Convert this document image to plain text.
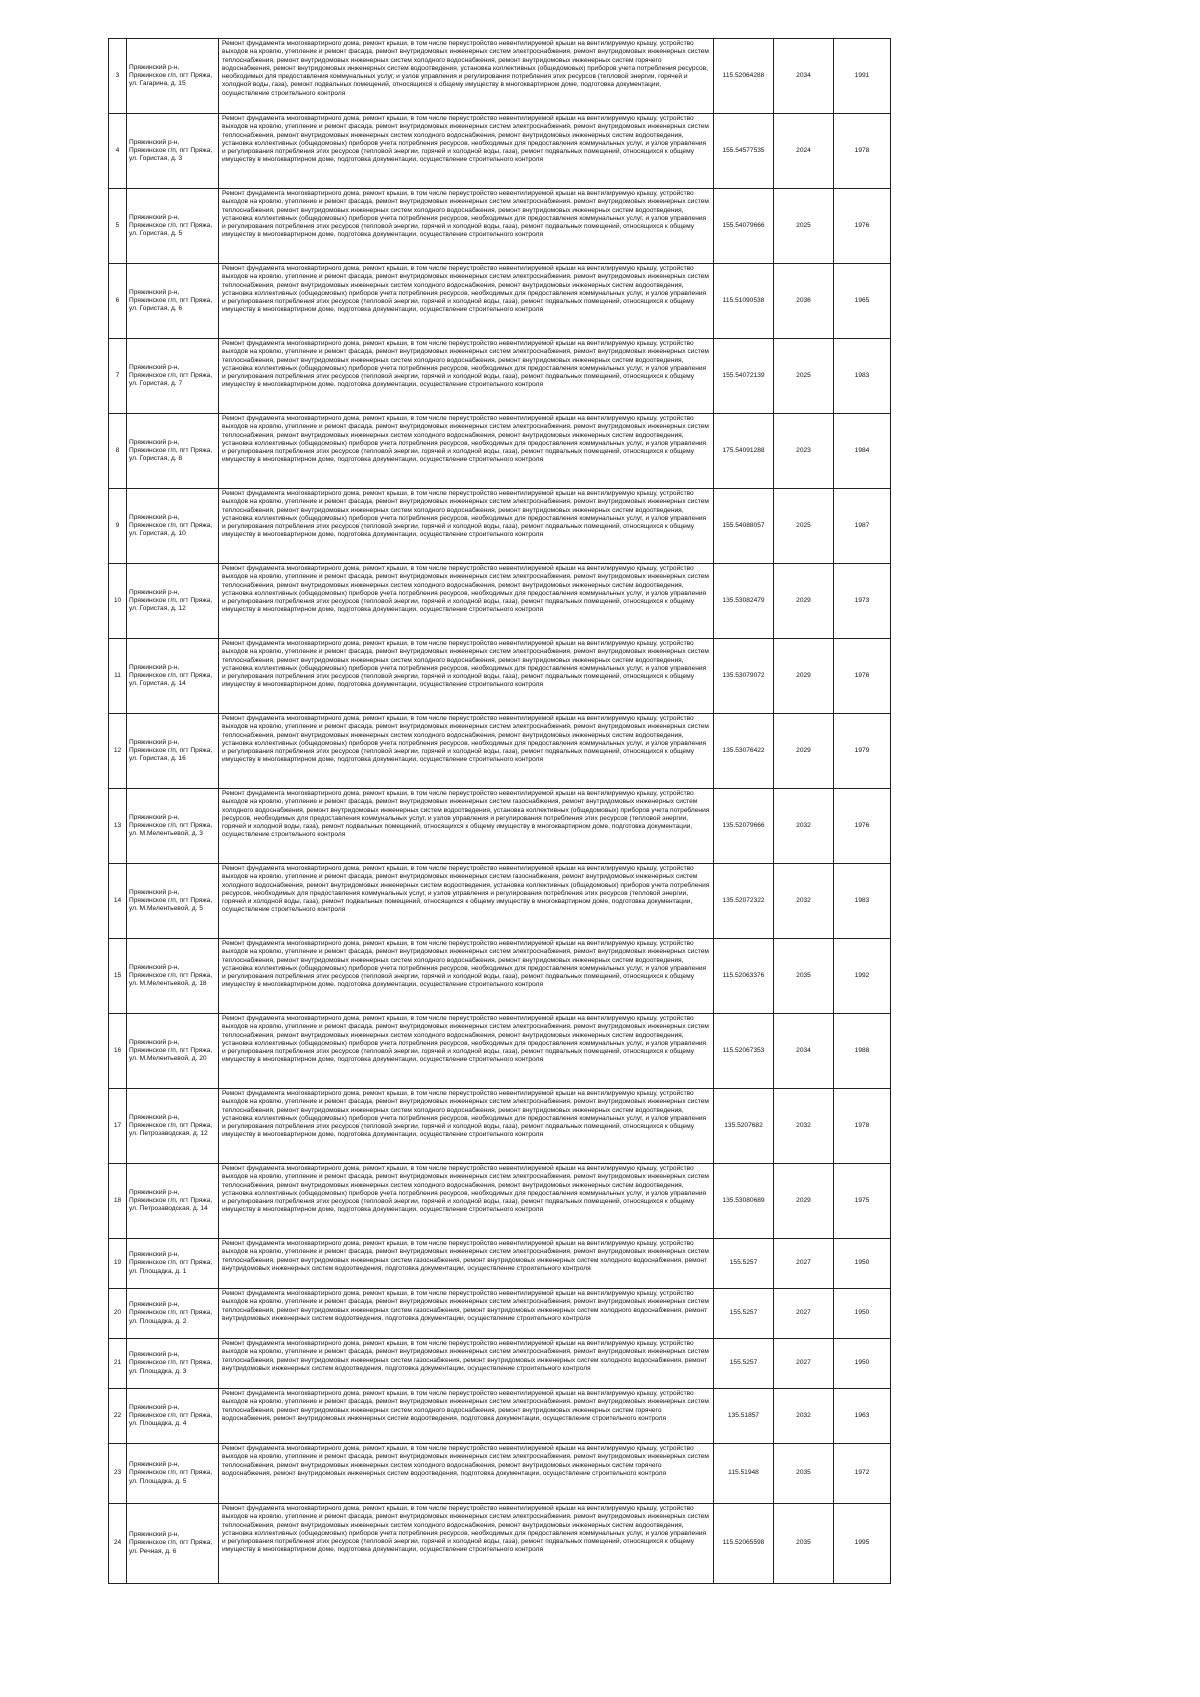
3	Пряжинский р-н, Пряжинское г/п, пгт Пряжа, ул. Гагарина, д. 15	Ремонт фундамента многоквартирного дома, ремонт крыши, в том числе переустройство невентилируемой крыши на вентилируемую крышу, устройство выходов на кровлю, утепление и ремонт фасада, ремонт внутридомовых инженерных систем электроснабжения, ремонт внутридомовых инженерных систем теплоснабжения, ремонт внутридомовых инженерных систем холодного водоснабжения, ремонт внутридомовых инженерных систем горячего водоснабжения, ремонт внутридомовых инженерных систем водоотведения, установка коллективных (общедомовых) приборов учета потребления ресурсов, необходимых для предоставления коммунальных услуг, и узлов управления и регулирования потребления этих ресурсов (тепловой энергии, горячей и холодной воды, газа), ремонт подвальных помещений, относящихся к общему имуществу в многоквартирном доме, подготовка документации, осуществление строительного контроля	115.52064288	2034	1991
4	Пряжинский р-н, Пряжинское г/п, пгт Пряжа, ул. Гористая, д. 3	Ремонт фундамента многоквартирного дома, ремонт крыши, в том числе переустройство невентилируемой крыши на вентилируемую крышу, устройство выходов на кровлю, утепление и ремонт фасада, ремонт внутридомовых инженерных систем электроснабжения, ремонт внутридомовых инженерных систем теплоснабжения, ремонт внутридомовых инженерных систем холодного водоснабжения, ремонт внутридомовых инженерных систем водоотведения, установка коллективных (общедомовых) приборов учета потребления ресурсов, необходимых для предоставления коммунальных услуг, и узлов управления и регулирования потребления этих ресурсов (тепловой энергии, горячей и холодной воды, газа), ремонт подвальных помещений, относящихся к общему имуществу в многоквартирном доме, подготовка документации, осуществление строительного контроля	155.54577535	2024	1978
5	Пряжинский р-н, Пряжинское г/п, пгт Пряжа, ул. Гористая, д. 5	Ремонт фундамента многоквартирного дома, ремонт крыши, в том числе переустройство невентилируемой крыши на вентилируемую крышу, устройство выходов на кровлю, утепление и ремонт фасада, ремонт внутридомовых инженерных систем электроснабжения, ремонт внутридомовых инженерных систем теплоснабжения, ремонт внутридомовых инженерных систем холодного водоснабжения, ремонт внутридомовых инженерных систем водоотведения, установка коллективных (общедомовых) приборов учета потребления ресурсов, необходимых для предоставления коммунальных услуг, и узлов управления и регулирования потребления этих ресурсов (тепловой энергии, горячей и холодной воды, газа), ремонт подвальных помещений, относящихся к общему имуществу в многоквартирном доме, подготовка документации, осуществление строительного контроля	155.54079666	2025	1976
6	Пряжинский р-н, Пряжинское г/п, пгт Пряжа, ул. Гористая, д. 6	Ремонт фундамента многоквартирного дома, ремонт крыши, в том числе переустройство невентилируемой крыши на вентилируемую крышу, устройство выходов на кровлю, утепление и ремонт фасада, ремонт внутридомовых инженерных систем электроснабжения, ремонт внутридомовых инженерных систем теплоснабжения, ремонт внутридомовых инженерных систем холодного водоснабжения, ремонт внутридомовых инженерных систем водоотведения, установка коллективных (общедомовых) приборов учета потребления ресурсов, необходимых для предоставления коммунальных услуг, и узлов управления и регулирования потребления этих ресурсов (тепловой энергии, горячей и холодной воды, газа), ремонт подвальных помещений, относящихся к общему имуществу в многоквартирном доме, подготовка документации, осуществление строительного контроля	115.51090538	2036	1965
7	Пряжинский р-н, Пряжинское г/п, пгт Пряжа, ул. Гористая, д. 7	Ремонт фундамента многоквартирного дома, ремонт крыши, в том числе переустройство невентилируемой крыши на вентилируемую крышу, устройство выходов на кровлю, утепление и ремонт фасада, ремонт внутридомовых инженерных систем электроснабжения, ремонт внутридомовых инженерных систем теплоснабжения, ремонт внутридомовых инженерных систем холодного водоснабжения, ремонт внутридомовых инженерных систем водоотведения, установка коллективных (общедомовых) приборов учета потребления ресурсов, необходимых для предоставления коммунальных услуг, и узлов управления и регулирования потребления этих ресурсов (тепловой энергии, горячей и холодной воды, газа), ремонт подвальных помещений, относящихся к общему имуществу в многоквартирном доме, подготовка документации, осуществление строительного контроля	155.54072139	2025	1983
8	Пряжинский р-н, Пряжинское г/п, пгт Пряжа, ул. Гористая, д. 8	Ремонт фундамента многоквартирного дома, ремонт крыши, в том числе переустройство невентилируемой крыши на вентилируемую крышу, устройство выходов на кровлю, утепление и ремонт фасада, ремонт внутридомовых инженерных систем электроснабжения, ремонт внутридомовых инженерных систем теплоснабжения, ремонт внутридомовых инженерных систем холодного водоснабжения, ремонт внутридомовых инженерных систем водоотведения, установка коллективных (общедомовых) приборов учета потребления ресурсов, необходимых для предоставления коммунальных услуг, и узлов управления и регулирования потребления этих ресурсов (тепловой энергии, горячей и холодной воды, газа), ремонт подвальных помещений, относящихся к общему имуществу в многоквартирном доме, подготовка документации, осуществление строительного контроля	175.54091288	2023	1984
9	Пряжинский р-н, Пряжинское г/п, пгт Пряжа, ул. Гористая, д. 10	Ремонт фундамента многоквартирного дома, ремонт крыши, в том числе переустройство невентилируемой крыши на вентилируемую крышу, устройство выходов на кровлю, утепление и ремонт фасада, ремонт внутридомовых инженерных систем электроснабжения, ремонт внутридомовых инженерных систем теплоснабжения, ремонт внутридомовых инженерных систем холодного водоснабжения, ремонт внутридомовых инженерных систем водоотведения, установка коллективных (общедомовых) приборов учета потребления ресурсов, необходимых для предоставления коммунальных услуг, и узлов управления и регулирования потребления этих ресурсов (тепловой энергии, горячей и холодной воды, газа), ремонт подвальных помещений, относящихся к общему имуществу в многоквартирном доме, подготовка документации, осуществление строительного контроля	155.54088057	2025	1987
10	Пряжинский р-н, Пряжинское г/п, пгт Пряжа, ул. Гористая, д. 12	Ремонт фундамента многоквартирного дома, ремонт крыши, в том числе переустройство невентилируемой крыши на вентилируемую крышу, устройство выходов на кровлю, утепление и ремонт фасада, ремонт внутридомовых инженерных систем электроснабжения, ремонт внутридомовых инженерных систем теплоснабжения, ремонт внутридомовых инженерных систем холодного водоснабжения, ремонт внутридомовых инженерных систем водоотведения, установка коллективных (общедомовых) приборов учета потребления ресурсов, необходимых для предоставления коммунальных услуг, и узлов управления и регулирования потребления этих ресурсов (тепловой энергии, горячей и холодной воды, газа), ремонт подвальных помещений, относящихся к общему имуществу в многоквартирном доме, подготовка документации, осуществление строительного контроля	135.53082479	2029	1973
11	Пряжинский р-н, Пряжинское г/п, пгт Пряжа, ул. Гористая, д. 14	Ремонт фундамента многоквартирного дома, ремонт крыши, в том числе переустройство невентилируемой крыши на вентилируемую крышу, устройство выходов на кровлю, утепление и ремонт фасада, ремонт внутридомовых инженерных систем электроснабжения, ремонт внутридомовых инженерных систем теплоснабжения, ремонт внутридомовых инженерных систем холодного водоснабжения, ремонт внутридомовых инженерных систем водоотведения, установка коллективных (общедомовых) приборов учета потребления ресурсов, необходимых для предоставления коммунальных услуг, и узлов управления и регулирования потребления этих ресурсов (тепловой энергии, горячей и холодной воды, газа), ремонт подвальных помещений, относящихся к общему имуществу в многоквартирном доме, подготовка документации, осуществление строительного контроля	135.53079072	2029	1976
12	Пряжинский р-н, Пряжинское г/п, пгт Пряжа, ул. Гористая, д. 16	Ремонт фундамента многоквартирного дома, ремонт крыши, в том числе переустройство невентилируемой крыши на вентилируемую крышу, устройство выходов на кровлю, утепление и ремонт фасада, ремонт внутридомовых инженерных систем электроснабжения, ремонт внутридомовых инженерных систем теплоснабжения, ремонт внутридомовых инженерных систем холодного водоснабжения, ремонт внутридомовых инженерных систем водоотведения, установка коллективных (общедомовых) приборов учета потребления ресурсов, необходимых для предоставления коммунальных услуг, и узлов управления и регулирования потребления этих ресурсов (тепловой энергии, горячей и холодной воды, газа), ремонт подвальных помещений, относящихся к общему имуществу в многоквартирном доме, подготовка документации, осуществление строительного контроля	135.53076422	2029	1979
13	Пряжинский р-н, Пряжинское г/п, пгт Пряжа, ул. М.Мелентьевой, д. 3	Ремонт фундамента многоквартирного дома, ремонт крыши, в том числе переустройство невентилируемой крыши на вентилируемую крышу, устройство выходов на кровлю, утепление и ремонт фасада, ремонт внутридомовых инженерных систем газоснабжения, ремонт внутридомовых инженерных систем холодного водоснабжения, ремонт внутридомовых инженерных систем водоотведения, установка коллективных (общедомовых) приборов учета потребления ресурсов, необходимых для предоставления коммунальных услуг, и узлов управления и регулирования потребления этих ресурсов (тепловой энергии, горячей и холодной воды, газа), ремонт подвальных помещений, относящихся к общему имуществу в многоквартирном доме, подготовка документации, осуществление строительного контроля	135.52079666	2032	1976
14	Пряжинский р-н, Пряжинское г/п, пгт Пряжа, ул. М.Мелентьевой, д. 5	Ремонт фундамента многоквартирного дома, ремонт крыши, в том числе переустройство невентилируемой крыши на вентилируемую крышу, устройство выходов на кровлю, утепление и ремонт фасада, ремонт внутридомовых инженерных систем газоснабжения, ремонт внутридомовых инженерных систем холодного водоснабжения, ремонт внутридомовых инженерных систем водоотведения, установка коллективных (общедомовых) приборов учета потребления ресурсов, необходимых для предоставления коммунальных услуг, и узлов управления и регулирования потребления этих ресурсов (тепловой энергии, горячей и холодной воды, газа), ремонт подвальных помещений, относящихся к общему имуществу в многоквартирном доме, подготовка документации, осуществление строительного контроля	135.52072322	2032	1983
15	Пряжинский р-н, Пряжинское г/п, пгт Пряжа, ул. М.Мелентьевой, д. 18	Ремонт фундамента многоквартирного дома, ремонт крыши, в том числе переустройство невентилируемой крыши на вентилируемую крышу, устройство выходов на кровлю, утепление и ремонт фасада, ремонт внутридомовых инженерных систем электроснабжения, ремонт внутридомовых инженерных систем теплоснабжения, ремонт внутридомовых инженерных систем холодного водоснабжения, ремонт внутридомовых инженерных систем водоотведения, установка коллективных (общедомовых) приборов учета потребления ресурсов, необходимых для предоставления коммунальных услуг, и узлов управления и регулирования потребления этих ресурсов (тепловой энергии, горячей и холодной воды, газа), ремонт подвальных помещений, относящихся к общему имуществу в многоквартирном доме, подготовка документации, осуществление строительного контроля	115.52063376	2035	1992
16	Пряжинский р-н, Пряжинское г/п, пгт Пряжа, ул. М.Мелентьевой, д. 20	Ремонт фундамента многоквартирного дома, ремонт крыши, в том числе переустройство невентилируемой крыши на вентилируемую крышу, устройство выходов на кровлю, утепление и ремонт фасада, ремонт внутридомовых инженерных систем электроснабжения, ремонт внутридомовых инженерных систем теплоснабжения, ремонт внутридомовых инженерных систем холодного водоснабжения, ремонт внутридомовых инженерных систем водоотведения, установка коллективных (общедомовых) приборов учета потребления ресурсов, необходимых для предоставления коммунальных услуг, и узлов управления и регулирования потребления этих ресурсов (тепловой энергии, горячей и холодной воды, газа), ремонт подвальных помещений, относящихся к общему имуществу в многоквартирном доме, подготовка документации, осуществление строительного контроля	115.52067353	2034	1988
17	Пряжинский р-н, Пряжинское г/п, пгт Пряжа, ул. Петрозаводская, д. 12	Ремонт фундамента многоквартирного дома, ремонт крыши, в том числе переустройство невентилируемой крыши на вентилируемую крышу, устройство выходов на кровлю, утепление и ремонт фасада, ремонт внутридомовых инженерных систем электроснабжения, ремонт внутридомовых инженерных систем теплоснабжения, ремонт внутридомовых инженерных систем холодного водоснабжения, ремонт внутридомовых инженерных систем водоотведения, установка коллективных (общедомовых) приборов учета потребления ресурсов, необходимых для предоставления коммунальных услуг, и узлов управления и регулирования потребления этих ресурсов (тепловой энергии, горячей и холодной воды, газа), ремонт подвальных помещений, относящихся к общему имуществу в многоквартирном доме, подготовка документации, осуществление строительного контроля	135.5207682	2032	1978
18	Пряжинский р-н, Пряжинское г/п, пгт Пряжа, ул. Петрозаводская, д. 14	Ремонт фундамента многоквартирного дома, ремонт крыши, в том числе переустройство невентилируемой крыши на вентилируемую крышу, устройство выходов на кровлю, утепление и ремонт фасада, ремонт внутридомовых инженерных систем электроснабжения, ремонт внутридомовых инженерных систем теплоснабжения, ремонт внутридомовых инженерных систем холодного водоснабжения, ремонт внутридомовых инженерных систем водоотведения, установка коллективных (общедомовых) приборов учета потребления ресурсов, необходимых для предоставления коммунальных услуг, и узлов управления и регулирования потребления этих ресурсов (тепловой энергии, горячей и холодной воды, газа), ремонт подвальных помещений, относящихся к общему имуществу в многоквартирном доме, подготовка документации, осуществление строительного контроля	135.53080689	2029	1975
19	Пряжинский р-н, Пряжинское г/п, пгт Пряжа, ул. Площадка, д. 1	Ремонт фундамента многоквартирного дома, ремонт крыши, в том числе переустройство невентилируемой крыши на вентилируемую крышу, устройство выходов на кровлю, утепление и ремонт фасада, ремонт внутридомовых инженерных систем электроснабжения, ремонт внутридомовых инженерных систем теплоснабжения, ремонт внутридомовых инженерных систем газоснабжения, ремонт внутридомовых инженерных систем холодного водоснабжения, ремонт внутридомовых инженерных систем водоотведения, подготовка документации, осуществление строительного контроля	155.5257	2027	1950
20	Пряжинский р-н, Пряжинское г/п, пгт Пряжа, ул. Площадка, д. 2	Ремонт фундамента многоквартирного дома, ремонт крыши, в том числе переустройство невентилируемой крыши на вентилируемую крышу, устройство выходов на кровлю, утепление и ремонт фасада, ремонт внутридомовых инженерных систем электроснабжения, ремонт внутридомовых инженерных систем теплоснабжения, ремонт внутридомовых инженерных систем газоснабжения, ремонт внутридомовых инженерных систем холодного водоснабжения, ремонт внутридомовых инженерных систем водоотведения, подготовка документации, осуществление строительного контроля	155.5257	2027	1950
21	Пряжинский р-н, Пряжинское г/п, пгт Пряжа, ул. Площадка, д. 3	Ремонт фундамента многоквартирного дома, ремонт крыши, в том числе переустройство невентилируемой крыши на вентилируемую крышу, устройство выходов на кровлю, утепление и ремонт фасада, ремонт внутридомовых инженерных систем электроснабжения, ремонт внутридомовых инженерных систем теплоснабжения, ремонт внутридомовых инженерных систем газоснабжения, ремонт внутридомовых инженерных систем холодного водоснабжения, ремонт внутридомовых инженерных систем водоотведения, подготовка документации, осуществление строительного контроля	155.5257	2027	1950
22	Пряжинский р-н, Пряжинское г/п, пгт Пряжа, ул. Площадка, д. 4	Ремонт фундамента многоквартирного дома, ремонт крыши, в том числе переустройство невентилируемой крыши на вентилируемую крышу, устройство выходов на кровлю, утепление и ремонт фасада, ремонт внутридомовых инженерных систем электроснабжения, ремонт внутридомовых инженерных систем теплоснабжения, ремонт внутридомовых инженерных систем холодного водоснабжения, ремонт внутридомовых инженерных систем горячего водоснабжения, ремонт внутридомовых инженерных систем водоотведения, подготовка документации, осуществление строительного контроля	135.51857	2032	1963
23	Пряжинский р-н, Пряжинское г/п, пгт Пряжа, ул. Площадка, д. 5	Ремонт фундамента многоквартирного дома, ремонт крыши, в том числе переустройство невентилируемой крыши на вентилируемую крышу, устройство выходов на кровлю, утепление и ремонт фасада, ремонт внутридомовых инженерных систем электроснабжения, ремонт внутридомовых инженерных систем теплоснабжения, ремонт внутридомовых инженерных систем холодного водоснабжения, ремонт внутридомовых инженерных систем горячего водоснабжения, ремонт внутридомовых инженерных систем водоотведения, подготовка документации, осуществление строительного контроля	115.51948	2035	1972
24	Пряжинский р-н, Пряжинское г/п, пгт Пряжа, ул. Речная, д. 6	Ремонт фундамента многоквартирного дома, ремонт крыши, в том числе переустройство невентилируемой крыши на вентилируемую крышу, устройство выходов на кровлю, утепление и ремонт фасада, ремонт внутридомовых инженерных систем электроснабжения, ремонт внутридомовых инженерных систем теплоснабжения, ремонт внутридомовых инженерных систем холодного водоснабжения, ремонт внутридомовых инженерных систем водоотведения, установка коллективных (общедомовых) приборов учета потребления ресурсов, необходимых для предоставления коммунальных услуг, и узлов управления и регулирования потребления этих ресурсов (тепловой энергии, горячей и холодной воды, газа), ремонт подвальных помещений, относящихся к общему имуществу в многоквартирном доме, подготовка документации, осуществление строительного контроля	115.52065598	2035	1995
